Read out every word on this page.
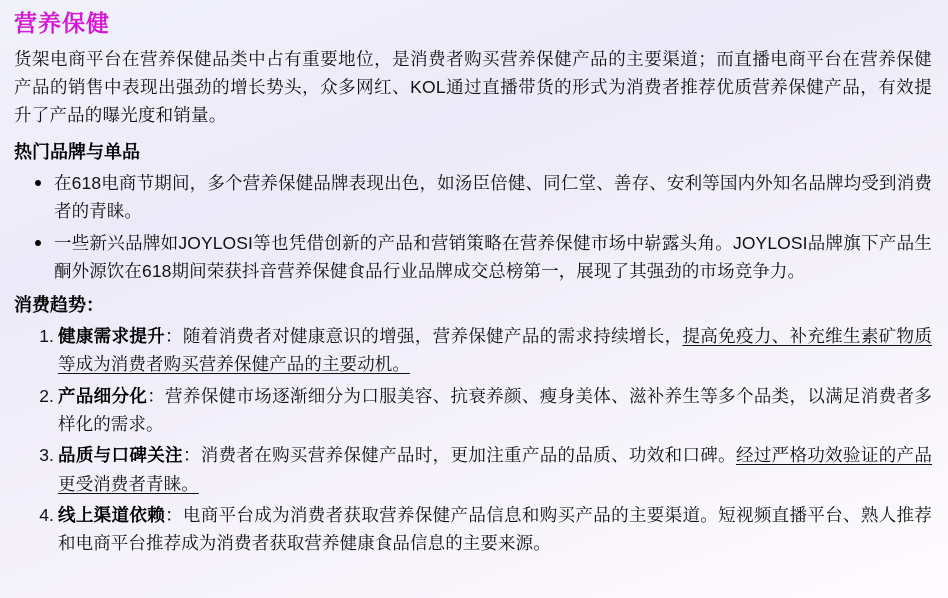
营养保健

货架电商平台在营养保健品类中占有重要地位，是消费者购买营养保健产品的主要渠道；而直播电商平台在营养保健产品的销售中表现出强劲的增长势头，众多网红、KOL通过直播带货的形式为消费者推荐优质营养保健产品，有效提升了产品的曝光度和销量。

热门品牌与单品
在618电商节期间，多个营养保健品牌表现出色，如汤臣倍健、同仁堂、善存、安利等国内外知名品牌均受到消费者的青睐。
一些新兴品牌如JOYLOSI等也凭借创新的产品和营销策略在营养保健市场中崭露头角。JOYLOSI品牌旗下产品生酮外源饮在618期间荣获抖音营养保健食品行业品牌成交总榜第一，展现了其强劲的市场竞争力。
消费趋势：
健康需求提升：随着消费者对健康意识的增强，营养保健产品的需求持续增长，提高免疫力、补充维生素矿物质等成为消费者购买营养保健产品的主要动机。
产品细分化：营养保健市场逐渐细分为口服美容、抗衰养颜、瘦身美体、滋补养生等多个品类，以满足消费者多样化的需求。
品质与口碑关注：消费者在购买营养保健产品时，更加注重产品的品质、功效和口碑。经过严格功效验证的产品更受消费者青睐。
线上渠道依赖：电商平台成为消费者获取营养保健产品信息和购买产品的主要渠道。短视频直播平台、熟人推荐和电商平台推荐成为消费者获取营养健康食品信息的主要来源。
